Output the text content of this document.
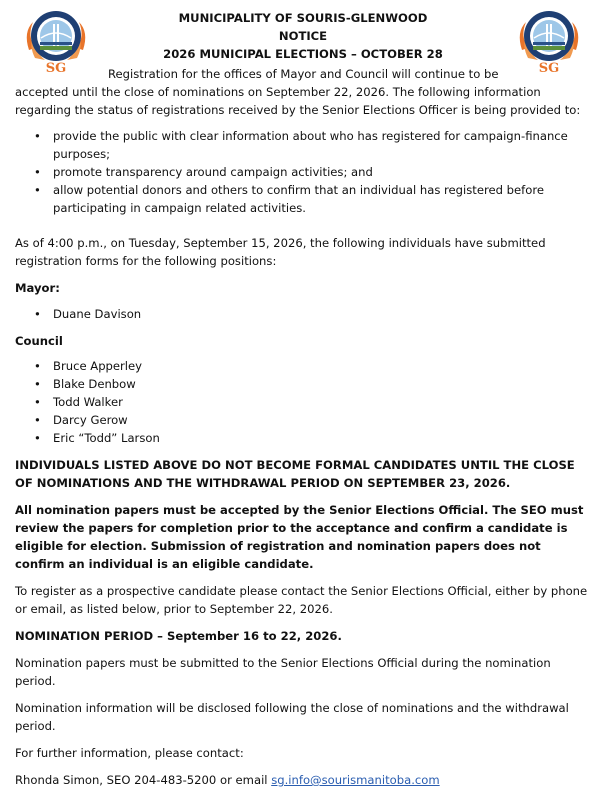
SG	SG
MUNICIPALITY OF SOURIS-GLENWOOD
NOTICE
2026 MUNICIPAL ELECTIONS – OCTOBER 28

Registration for the offices of Mayor and Council will continue to be
accepted until the close of nominations on September 22, 2026. The following information regarding the status of registrations received by the Senior Elections Officer is being provided to:

• provide the public with clear information about who has registered for campaign-finance purposes;
• promote transparency around campaign activities; and
• allow potential donors and others to confirm that an individual has registered before participating in campaign related activities.

As of 4:00 p.m., on Tuesday, September 15, 2026, the following individuals have submitted registration forms for the following positions:

Mayor:

• Duane Davison

Council

• Bruce Apperley
• Blake Denbow
• Todd Walker
• Darcy Gerow
• Eric “Todd” Larson

INDIVIDUALS LISTED ABOVE DO NOT BECOME FORMAL CANDIDATES UNTIL THE CLOSE OF NOMINATIONS AND THE WITHDRAWAL PERIOD ON SEPTEMBER 23, 2026.

All nomination papers must be accepted by the Senior Elections Official. The SEO must review the papers for completion prior to the acceptance and confirm a candidate is eligible for election. Submission of registration and nomination papers does not confirm an individual is an eligible candidate.

To register as a prospective candidate please contact the Senior Elections Official, either by phone or email, as listed below, prior to September 22, 2026.

NOMINATION PERIOD – September 16 to 22, 2026.

Nomination papers must be submitted to the Senior Elections Official during the nomination period.

Nomination information will be disclosed following the close of nominations and the withdrawal period.

For further information, please contact:

Rhonda Simon, SEO 204-483-5200 or email sg.info@sourismanitoba.com
